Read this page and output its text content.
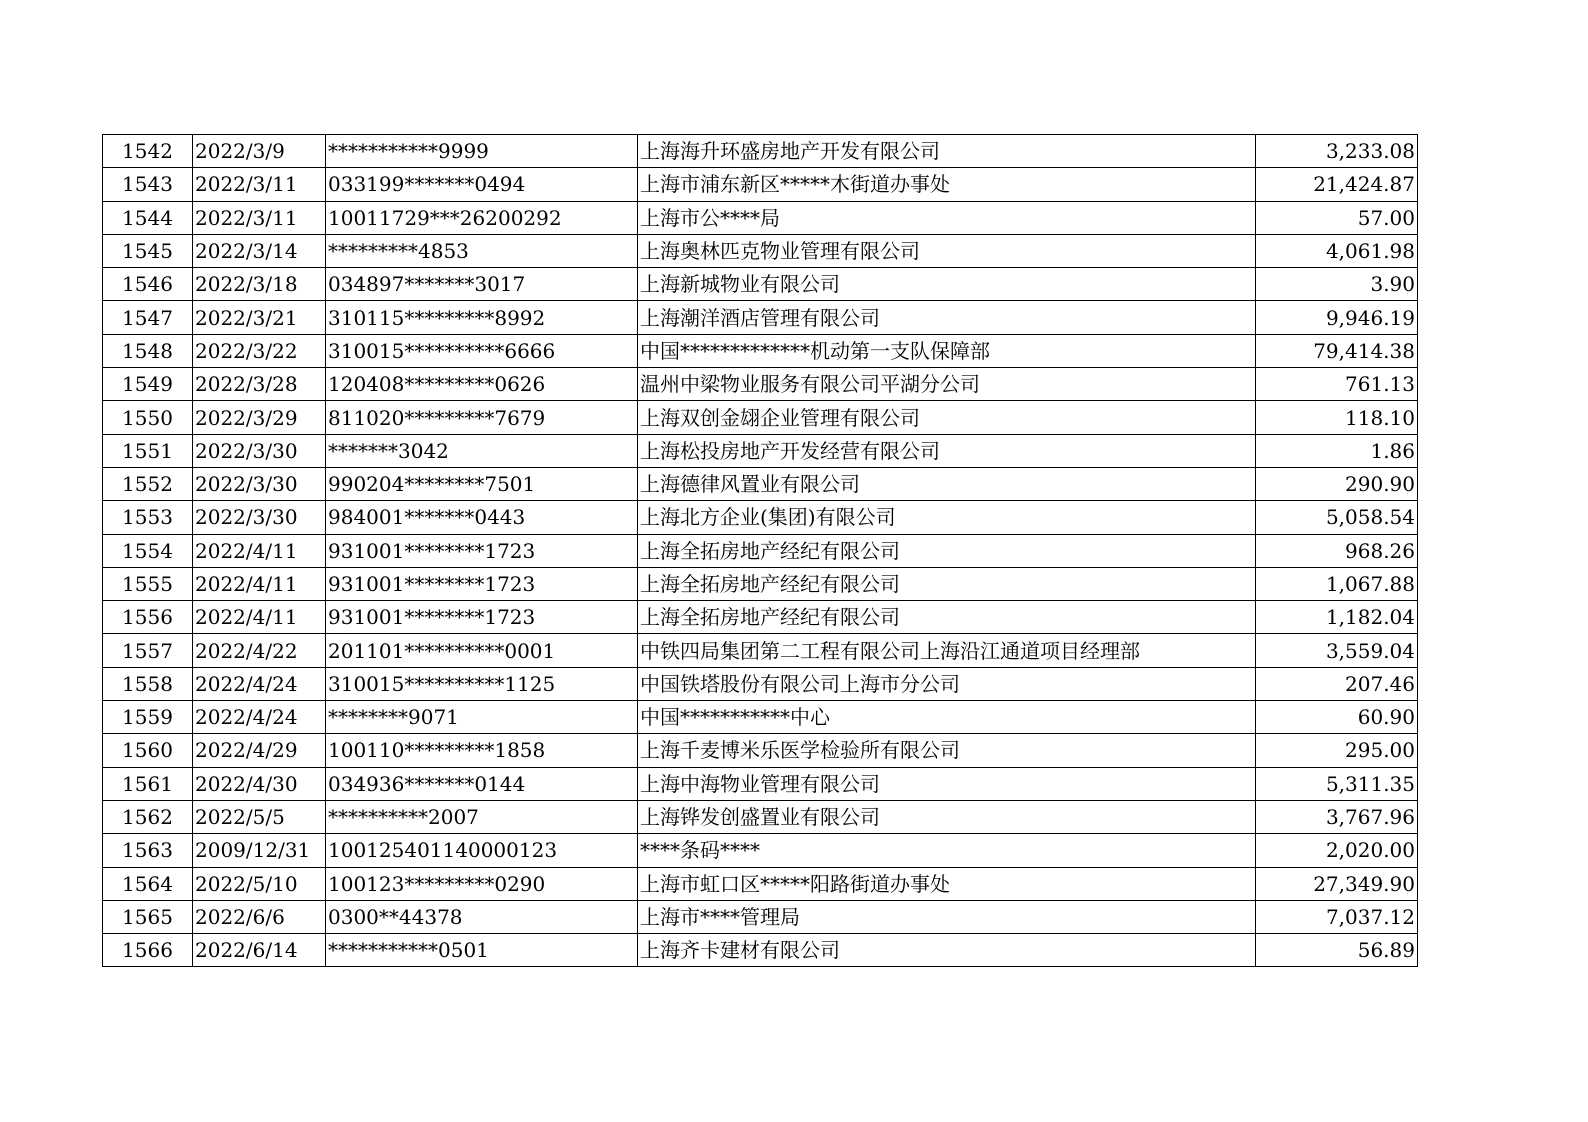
1542	2022/3/9	***********9999	上海海升环盛房地产开发有限公司	3,233.08
1543	2022/3/11	033199*******0494	上海市浦东新区*****木街道办事处	21,424.87
1544	2022/3/11	10011729***26200292	上海市公****局	57.00
1545	2022/3/14	*********4853	上海奥林匹克物业管理有限公司	4,061.98
1546	2022/3/18	034897*******3017	上海新城物业有限公司	3.90
1547	2022/3/21	310115*********8992	上海潮洋酒店管理有限公司	9,946.19
1548	2022/3/22	310015**********6666	中国*************机动第一支队保障部	79,414.38
1549	2022/3/28	120408*********0626	温州中梁物业服务有限公司平湖分公司	761.13
1550	2022/3/29	811020*********7679	上海双创金翃企业管理有限公司	118.10
1551	2022/3/30	*******3042	上海松投房地产开发经营有限公司	1.86
1552	2022/3/30	990204********7501	上海德律风置业有限公司	290.90
1553	2022/3/30	984001*******0443	上海北方企业(集团)有限公司	5,058.54
1554	2022/4/11	931001********1723	上海全拓房地产经纪有限公司	968.26
1555	2022/4/11	931001********1723	上海全拓房地产经纪有限公司	1,067.88
1556	2022/4/11	931001********1723	上海全拓房地产经纪有限公司	1,182.04
1557	2022/4/22	201101**********0001	中铁四局集团第二工程有限公司上海沿江通道项目经理部	3,559.04
1558	2022/4/24	310015**********1125	中国铁塔股份有限公司上海市分公司	207.46
1559	2022/4/24	********9071	中国***********中心	60.90
1560	2022/4/29	100110*********1858	上海千麦博米乐医学检验所有限公司	295.00
1561	2022/4/30	034936*******0144	上海中海物业管理有限公司	5,311.35
1562	2022/5/5	**********2007	上海铧发创盛置业有限公司	3,767.96
1563	2009/12/31	100125401140000123	****条码****	2,020.00
1564	2022/5/10	100123*********0290	上海市虹口区*****阳路街道办事处	27,349.90
1565	2022/6/6	0300**44378	上海市****管理局	7,037.12
1566	2022/6/14	***********0501	上海齐卡建材有限公司	56.89
